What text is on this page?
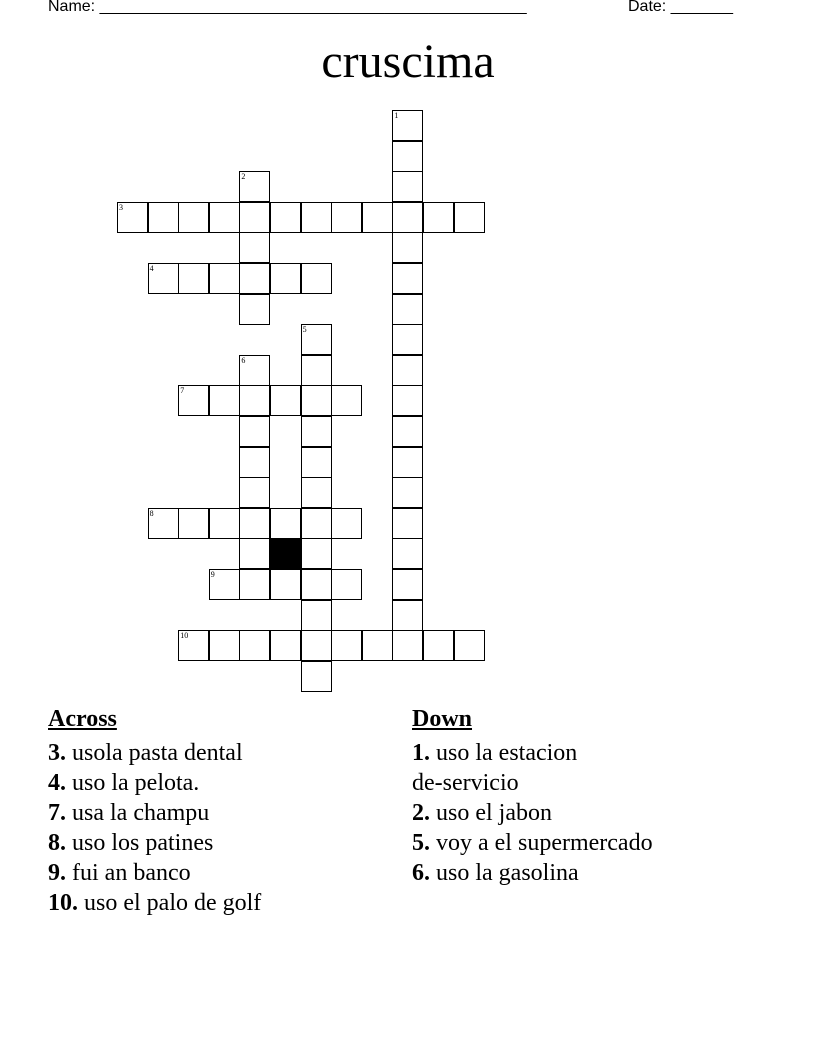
Name: ________________________________________________	Date: _______
cruscima
1
2
3
4
5
6
7
8
9
10
Across
3. usola pasta dental
4. uso la pelota.
7. usa la champu
8. uso los patines
9. fui an banco
10. uso el palo de golf
Down
1. uso la estacion
de-servicio
2. uso el jabon
5. voy a el supermercado
6. uso la gasolina
